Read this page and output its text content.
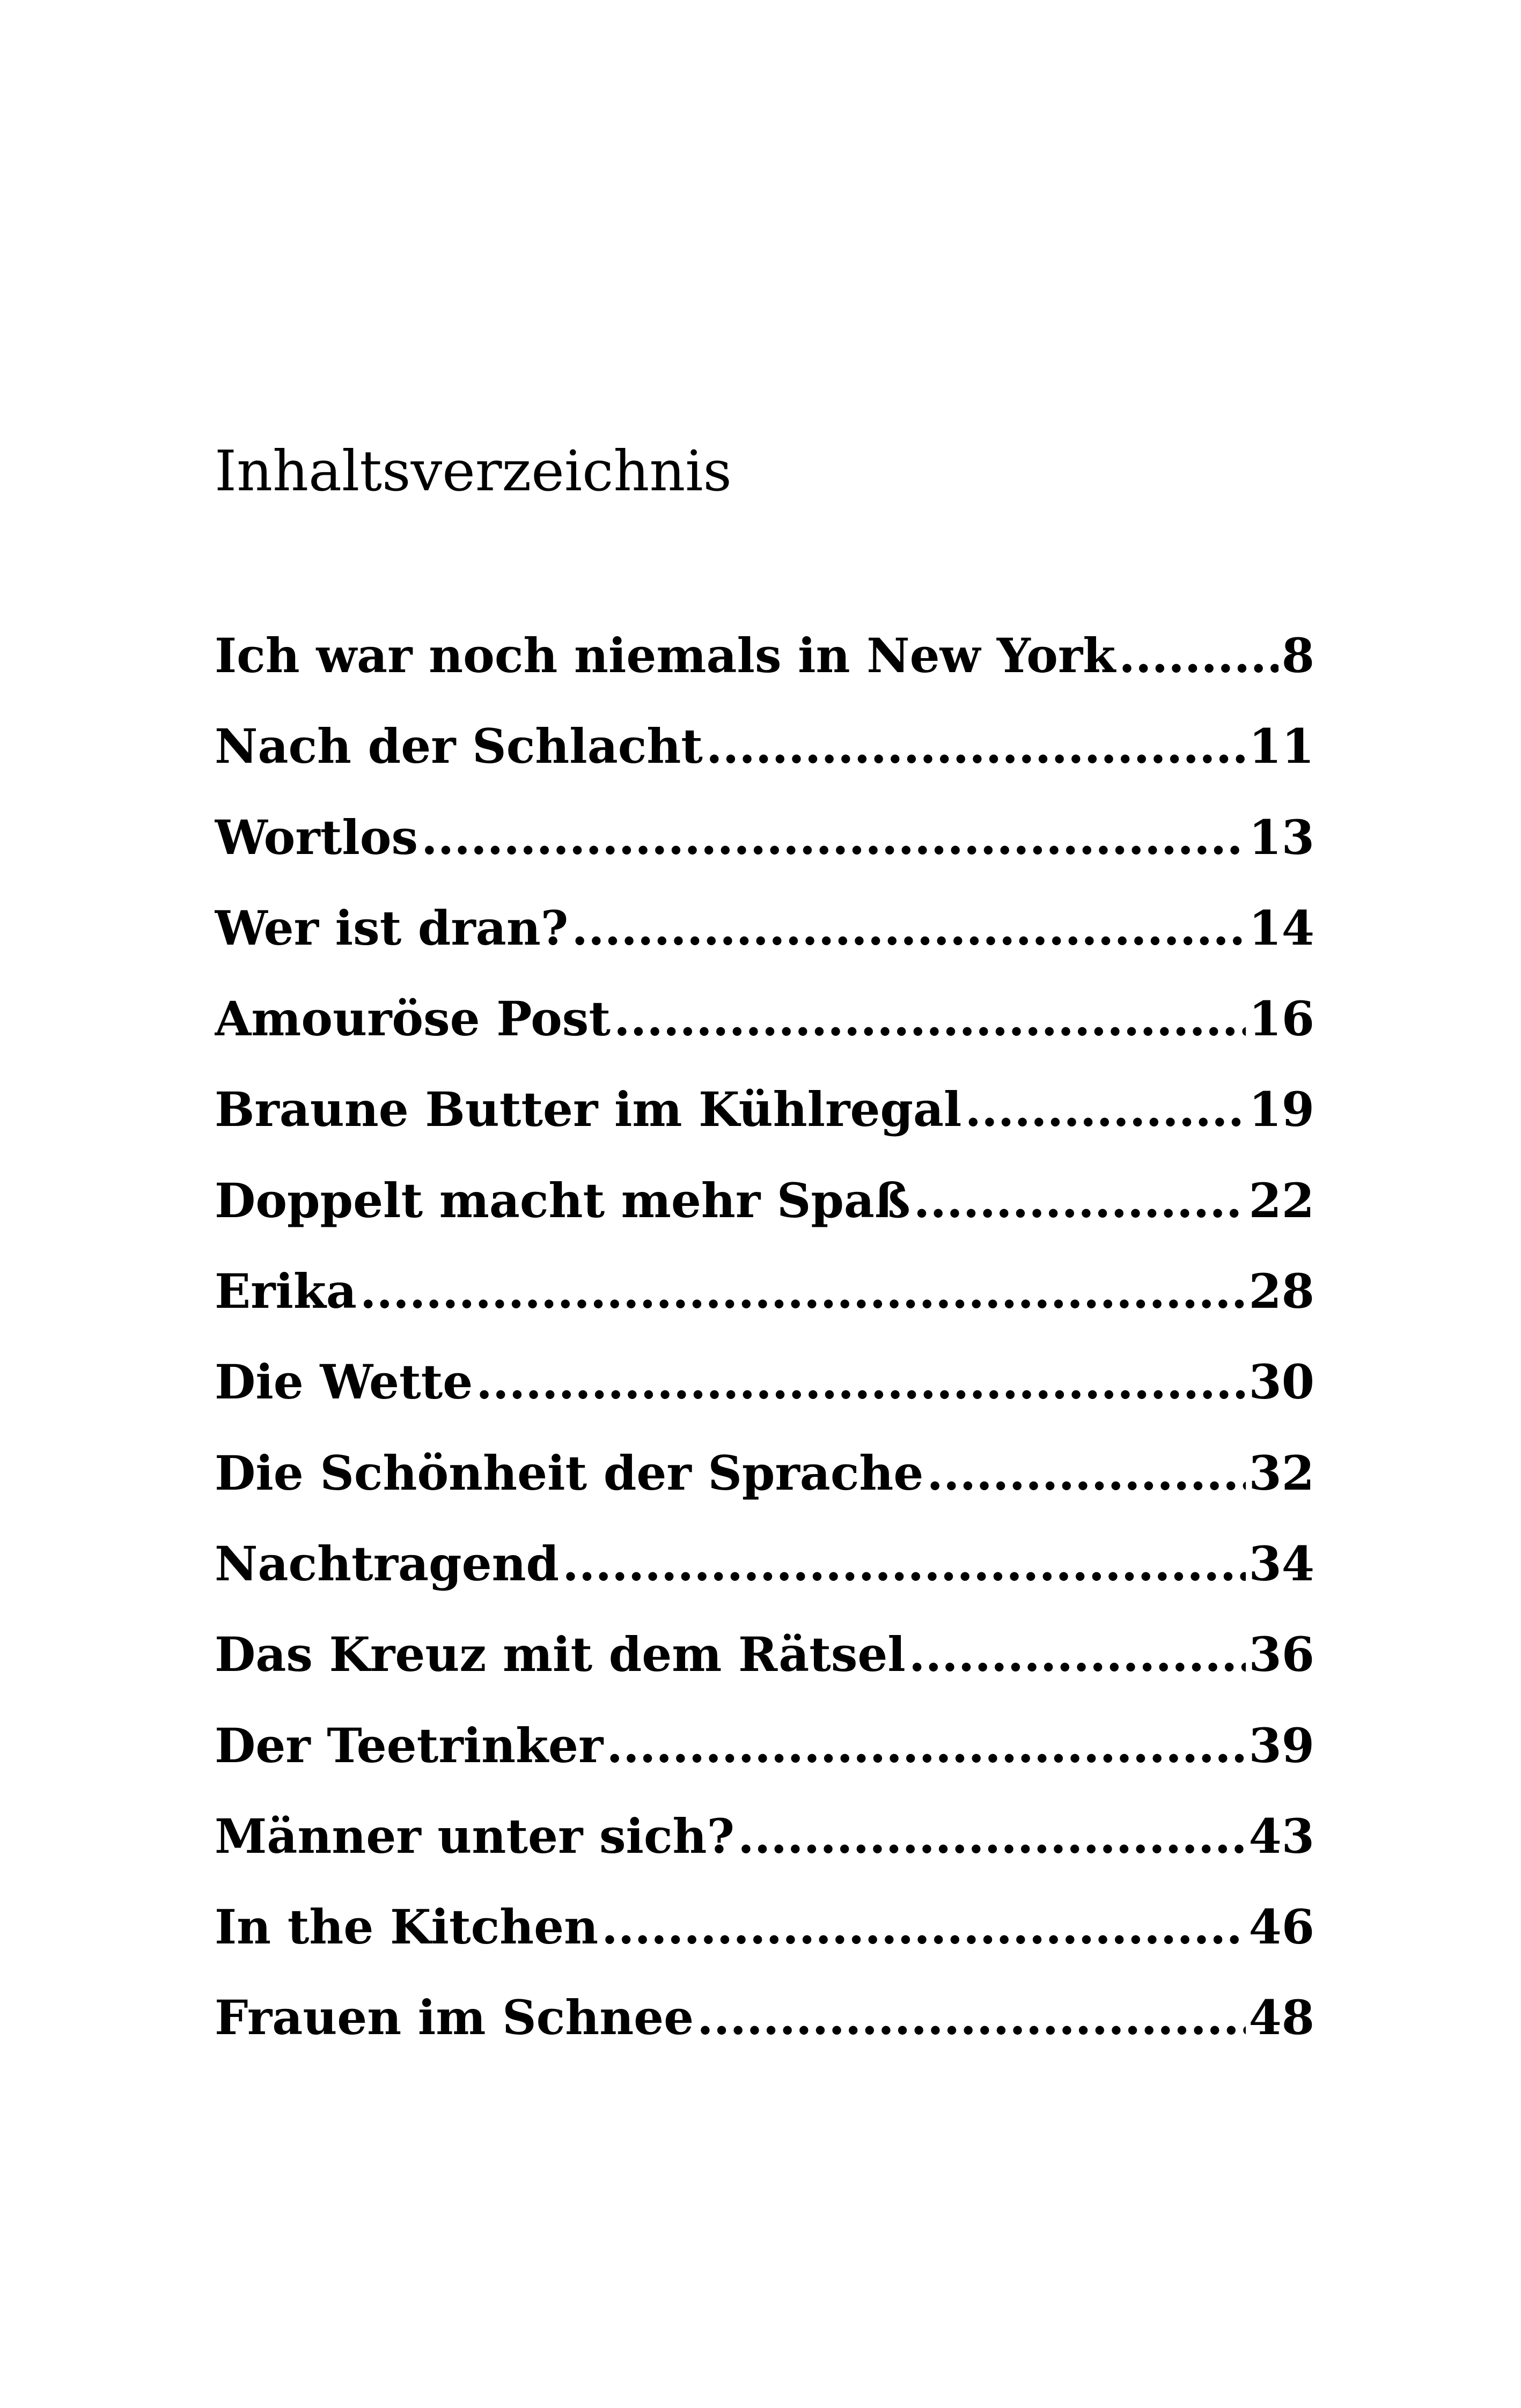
Inhaltsverzeichnis
Ich war noch niemals in New York .....	8
Nach der Schlacht .....	11
Wortlos .....	13
Wer ist dran? .....	14
Amouröse Post .....	16
Braune Butter im Kühlregal .....	19
Doppelt macht mehr Spaß .....	22
Erika .....	28
Die Wette .....	30
Die Schönheit der Sprache .....	32
Nachtragend .....	34
Das Kreuz mit dem Rätsel .....	36
Der Teetrinker .....	39
Männer unter sich? .....	43
In the Kitchen .....	46
Frauen im Schnee .....	48
